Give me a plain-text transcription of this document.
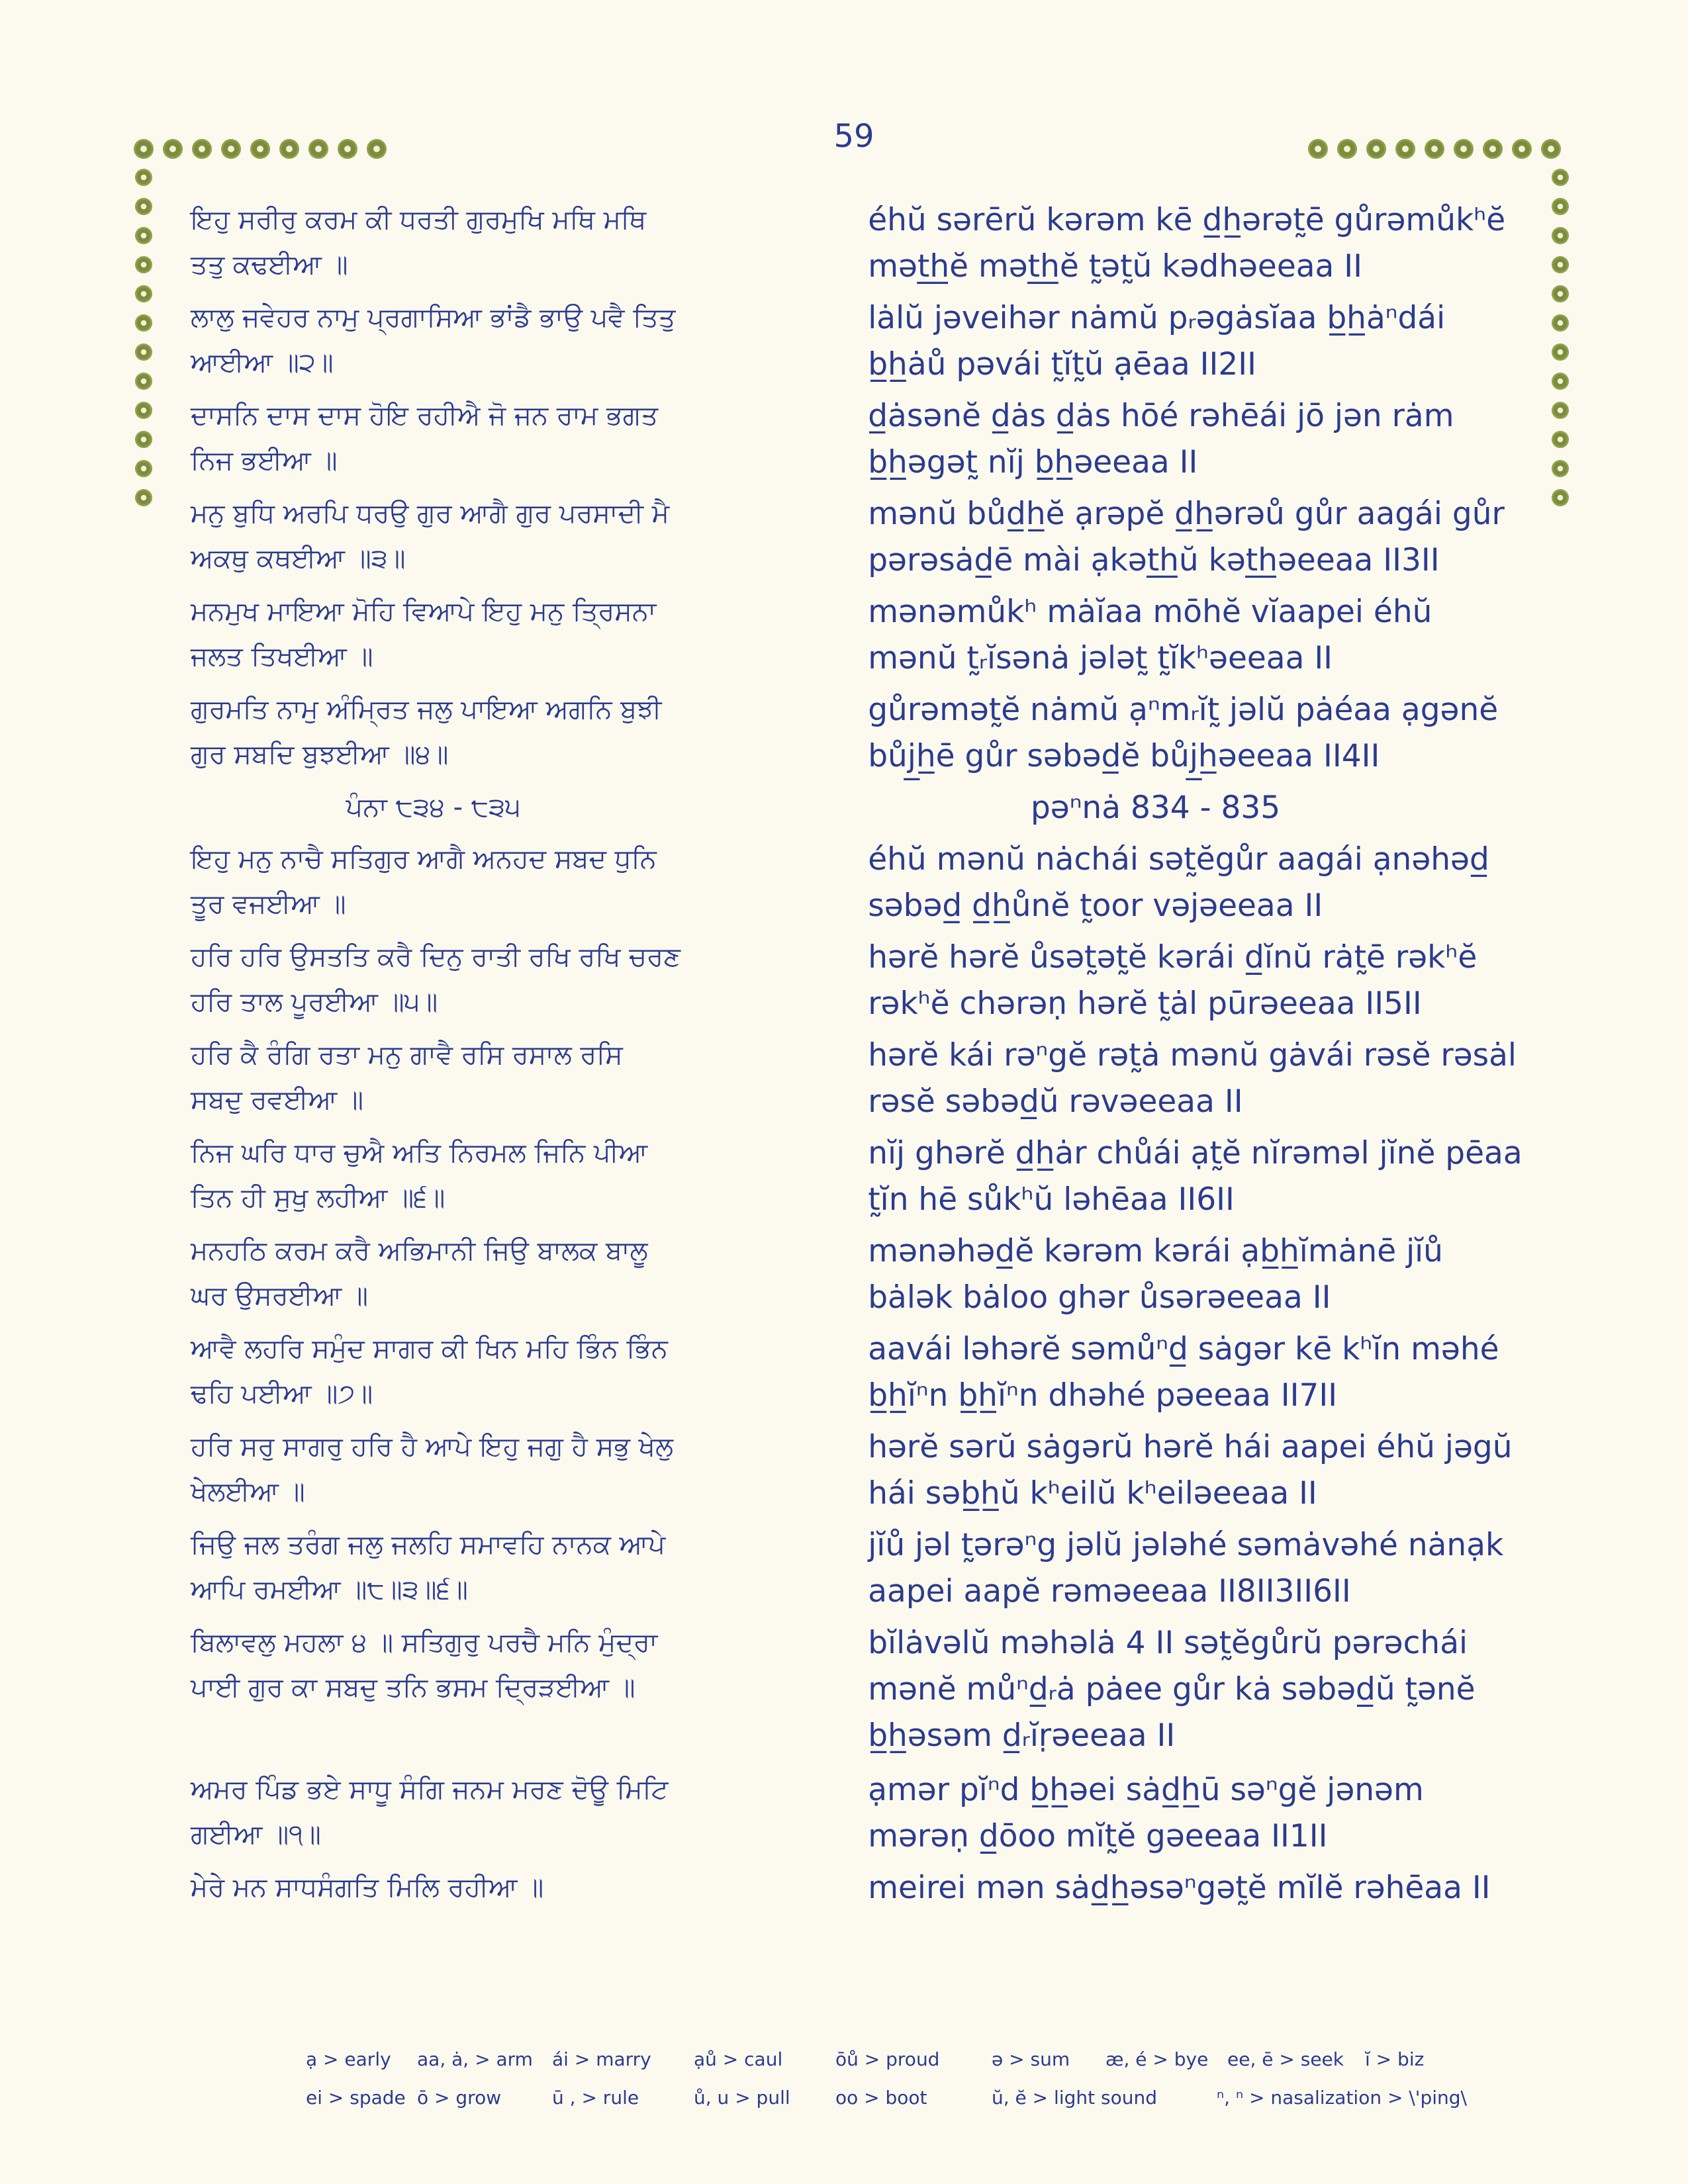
59
ਇਹੁ ਸਰੀਰੁ ਕਰਮ ਕੀ ਧਰਤੀ ਗੁਰਮੁਖਿ ਮਥਿ ਮਥਿ ਤਤੁ ਕਢਈਆ ॥
éhŭ sərērŭ kərəm kē d̲h̲ərət̰ē gůrəmůkʰĕ mət̲h̲ĕ mət̲h̲ĕ t̰ət̰ŭ kədhəeeaa II
ਲਾਲੁ ਜਵੇਹਰ ਨਾਮੁ ਪ੍ਰਗਾਸਿਆ ਭਾਂਡੈ ਭਾਉ ਪਵੈ ਤਿਤੁ ਆਈਆ ॥੨॥
lȧlŭ jəveihər nȧmŭ pᵣəgȧsĭaa b̲h̲ȧⁿdái b̲h̲ȧů pəvái t̰ĭt̰ŭ ạēaa II2II
ਦਾਸਨਿ ਦਾਸ ਦਾਸ ਹੋਇ ਰਹੀਐ ਜੋ ਜਨ ਰਾਮ ਭਗਤ ਨਿਜ ਭਈਆ ॥
d̲ȧsənĕ d̲ȧs d̲ȧs hōé rəhēái jō jən rȧm b̲h̲əgət̰ nĭj b̲h̲əeeaa II
ਮਨੁ ਬੁਧਿ ਅਰਪਿ ਧਰਉ ਗੁਰ ਆਗੈ ਗੁਰ ਪਰਸਾਦੀ ਮੈ ਅਕਥੁ ਕਥਈਆ ॥੩॥
mənŭ bůd̲h̲ĕ ạrəpĕ d̲h̲ərəů gůr aagái gůr pərəsȧd̲ē mài ạkət̲h̲ŭ kət̲h̲əeeaa II3II
ਮਨਮੁਖ ਮਾਇਆ ਮੋਹਿ ਵਿਆਪੇ ਇਹੁ ਮਨੁ ਤ੍ਰਿਸਨਾ ਜਲਤ ਤਿਖਈਆ ॥
mənəmůkʰ mȧĭaa mōhĕ vĭaapei éhŭ mənŭ t̰ᵣĭsənȧ jələt̰ t̰ĭkʰəeeaa II
ਗੁਰਮਤਿ ਨਾਮੁ ਅੰਮ੍ਰਿਤ ਜਲੁ ਪਾਇਆ ਅਗਨਿ ਬੁਝੀ ਗੁਰ ਸਬਦਿ ਬੁਝਈਆ ॥੪॥
gůrəmət̰ĕ nȧmŭ ạⁿmᵣĭt̰ jəlŭ pȧéaa ạgənĕ bůj̲h̲ē gůr səbəd̲ĕ bůj̲h̲əeeaa II4II
ਪੰਨਾ ੮੩੪ - ੮੩੫	pəⁿnȧ 834 - 835
ਇਹੁ ਮਨੁ ਨਾਚੈ ਸਤਿਗੁਰ ਆਗੈ ਅਨਹਦ ਸਬਦ ਧੁਨਿ ਤੂਰ ਵਜਈਆ ॥
éhŭ mənŭ nȧchái sət̰ĕgůr aagái ạnəhəd̲ səbəd̲ d̲h̲ůnĕ t̰oor vəjəeeaa II
ਹਰਿ ਹਰਿ ਉਸਤਤਿ ਕਰੈ ਦਿਨੁ ਰਾਤੀ ਰਖਿ ਰਖਿ ਚਰਣ ਹਰਿ ਤਾਲ ਪੂਰਈਆ ॥੫॥
hərĕ hərĕ ůsət̰ət̰ĕ kərái d̲ĭnŭ rȧt̰ē rəkʰĕ rəkʰĕ chərəṇ hərĕ t̰ȧl pūrəeeaa II5II
ਹਰਿ ਕੈ ਰੰਗਿ ਰਤਾ ਮਨੁ ਗਾਵੈ ਰਸਿ ਰਸਾਲ ਰਸਿ ਸਬਦੁ ਰਵਈਆ ॥
hərĕ kái rəⁿgĕ rət̰ȧ mənŭ gȧvái rəsĕ rəsȧl rəsĕ səbəd̲ŭ rəvəeeaa II
ਨਿਜ ਘਰਿ ਧਾਰ ਚੁਐ ਅਤਿ ਨਿਰਮਲ ਜਿਨਿ ਪੀਆ ਤਿਨ ਹੀ ਸੁਖੁ ਲਹੀਆ ॥੬॥
nĭj ghərĕ d̲h̲ȧr chůái ạt̰ĕ nĭrəməl jĭnĕ pēaa t̰ĭn hē sůkʰŭ ləhēaa II6II
ਮਨਹਠਿ ਕਰਮ ਕਰੈ ਅਭਿਮਾਨੀ ਜਿਉ ਬਾਲਕ ਬਾਲੂ ਘਰ ਉਸਰਈਆ ॥
mənəhəd̲ĕ kərəm kərái ạb̲h̲ĭmȧnē jĭů bȧlək bȧloo ghər ůsərəeeaa II
ਆਵੈ ਲਹਰਿ ਸਮੁੰਦ ਸਾਗਰ ਕੀ ਖਿਨ ਮਹਿ ਭਿੰਨ ਭਿੰਨ ਢਹਿ ਪਈਆ ॥੭॥
aavái ləhərĕ səmůⁿd̲ sȧgər kē kʰĭn məhé b̲h̲ĭⁿn b̲h̲ĭⁿn dhəhé pəeeaa II7II
ਹਰਿ ਸਰੁ ਸਾਗਰੁ ਹਰਿ ਹੈ ਆਪੇ ਇਹੁ ਜਗੁ ਹੈ ਸਭੁ ਖੇਲੁ ਖੇਲਈਆ ॥
hərĕ sərŭ sȧgərŭ hərĕ hái aapei éhŭ jəgŭ hái səb̲h̲ŭ kʰeilŭ kʰeiləeeaa II
ਜਿਉ ਜਲ ਤਰੰਗ ਜਲੁ ਜਲਹਿ ਸਮਾਵਹਿ ਨਾਨਕ ਆਪੇ ਆਪਿ ਰਮਈਆ ॥੮॥੩॥੬॥
jĭů jəl t̰ərəⁿg jəlŭ jələhé səmȧvəhé nȧnạk aapei aapĕ rəməeeaa II8II3II6II
ਬਿਲਾਵਲੁ ਮਹਲਾ ੪ ॥ ਸਤਿਗੁਰੁ ਪਰਚੈ ਮਨਿ ਮੁੰਦ੍ਰਾ ਪਾਈ ਗੁਰ ਕਾ ਸਬਦੁ ਤਨਿ ਭਸਮ ਦ੍ਰਿੜਈਆ ॥
bĭlȧvəlŭ məhəlȧ 4 II sət̰ĕgůrŭ pərəchái mənĕ můⁿd̲ᵣȧ pȧee gůr kȧ səbəd̲ŭ t̰ənĕ b̲h̲əsəm d̲ᵣĭṛəeeaa II
ਅਮਰ ਪਿੰਡ ਭਏ ਸਾਧੂ ਸੰਗਿ ਜਨਮ ਮਰਣ ਦੋਊ ਮਿਟਿ ਗਈਆ ॥੧॥
ạmər pĭⁿd b̲h̲əei sȧd̲h̲ū səⁿgĕ jənəm mərəṇ d̲ōoo mĭt̰ĕ gəeeaa II1II
ਮੇਰੇ ਮਨ ਸਾਧਸੰਗਤਿ ਮਿਲਿ ਰਹੀਆ ॥	meirei mən sȧd̲h̲əsəⁿgət̰ĕ mĭlĕ rəhēaa II
ạ > early	aa, ȧ, > arm	ái > marry	ạů > caul	ōů > proud	ə > sum	æ, é > bye	ee, ē > seek	ĭ > biz
ei > spade ō > grow	ū , > rule	ů, u > pull	oo > boot	ŭ, ĕ > light sound	ⁿ, ⁿ > nasalization > \'ping\
